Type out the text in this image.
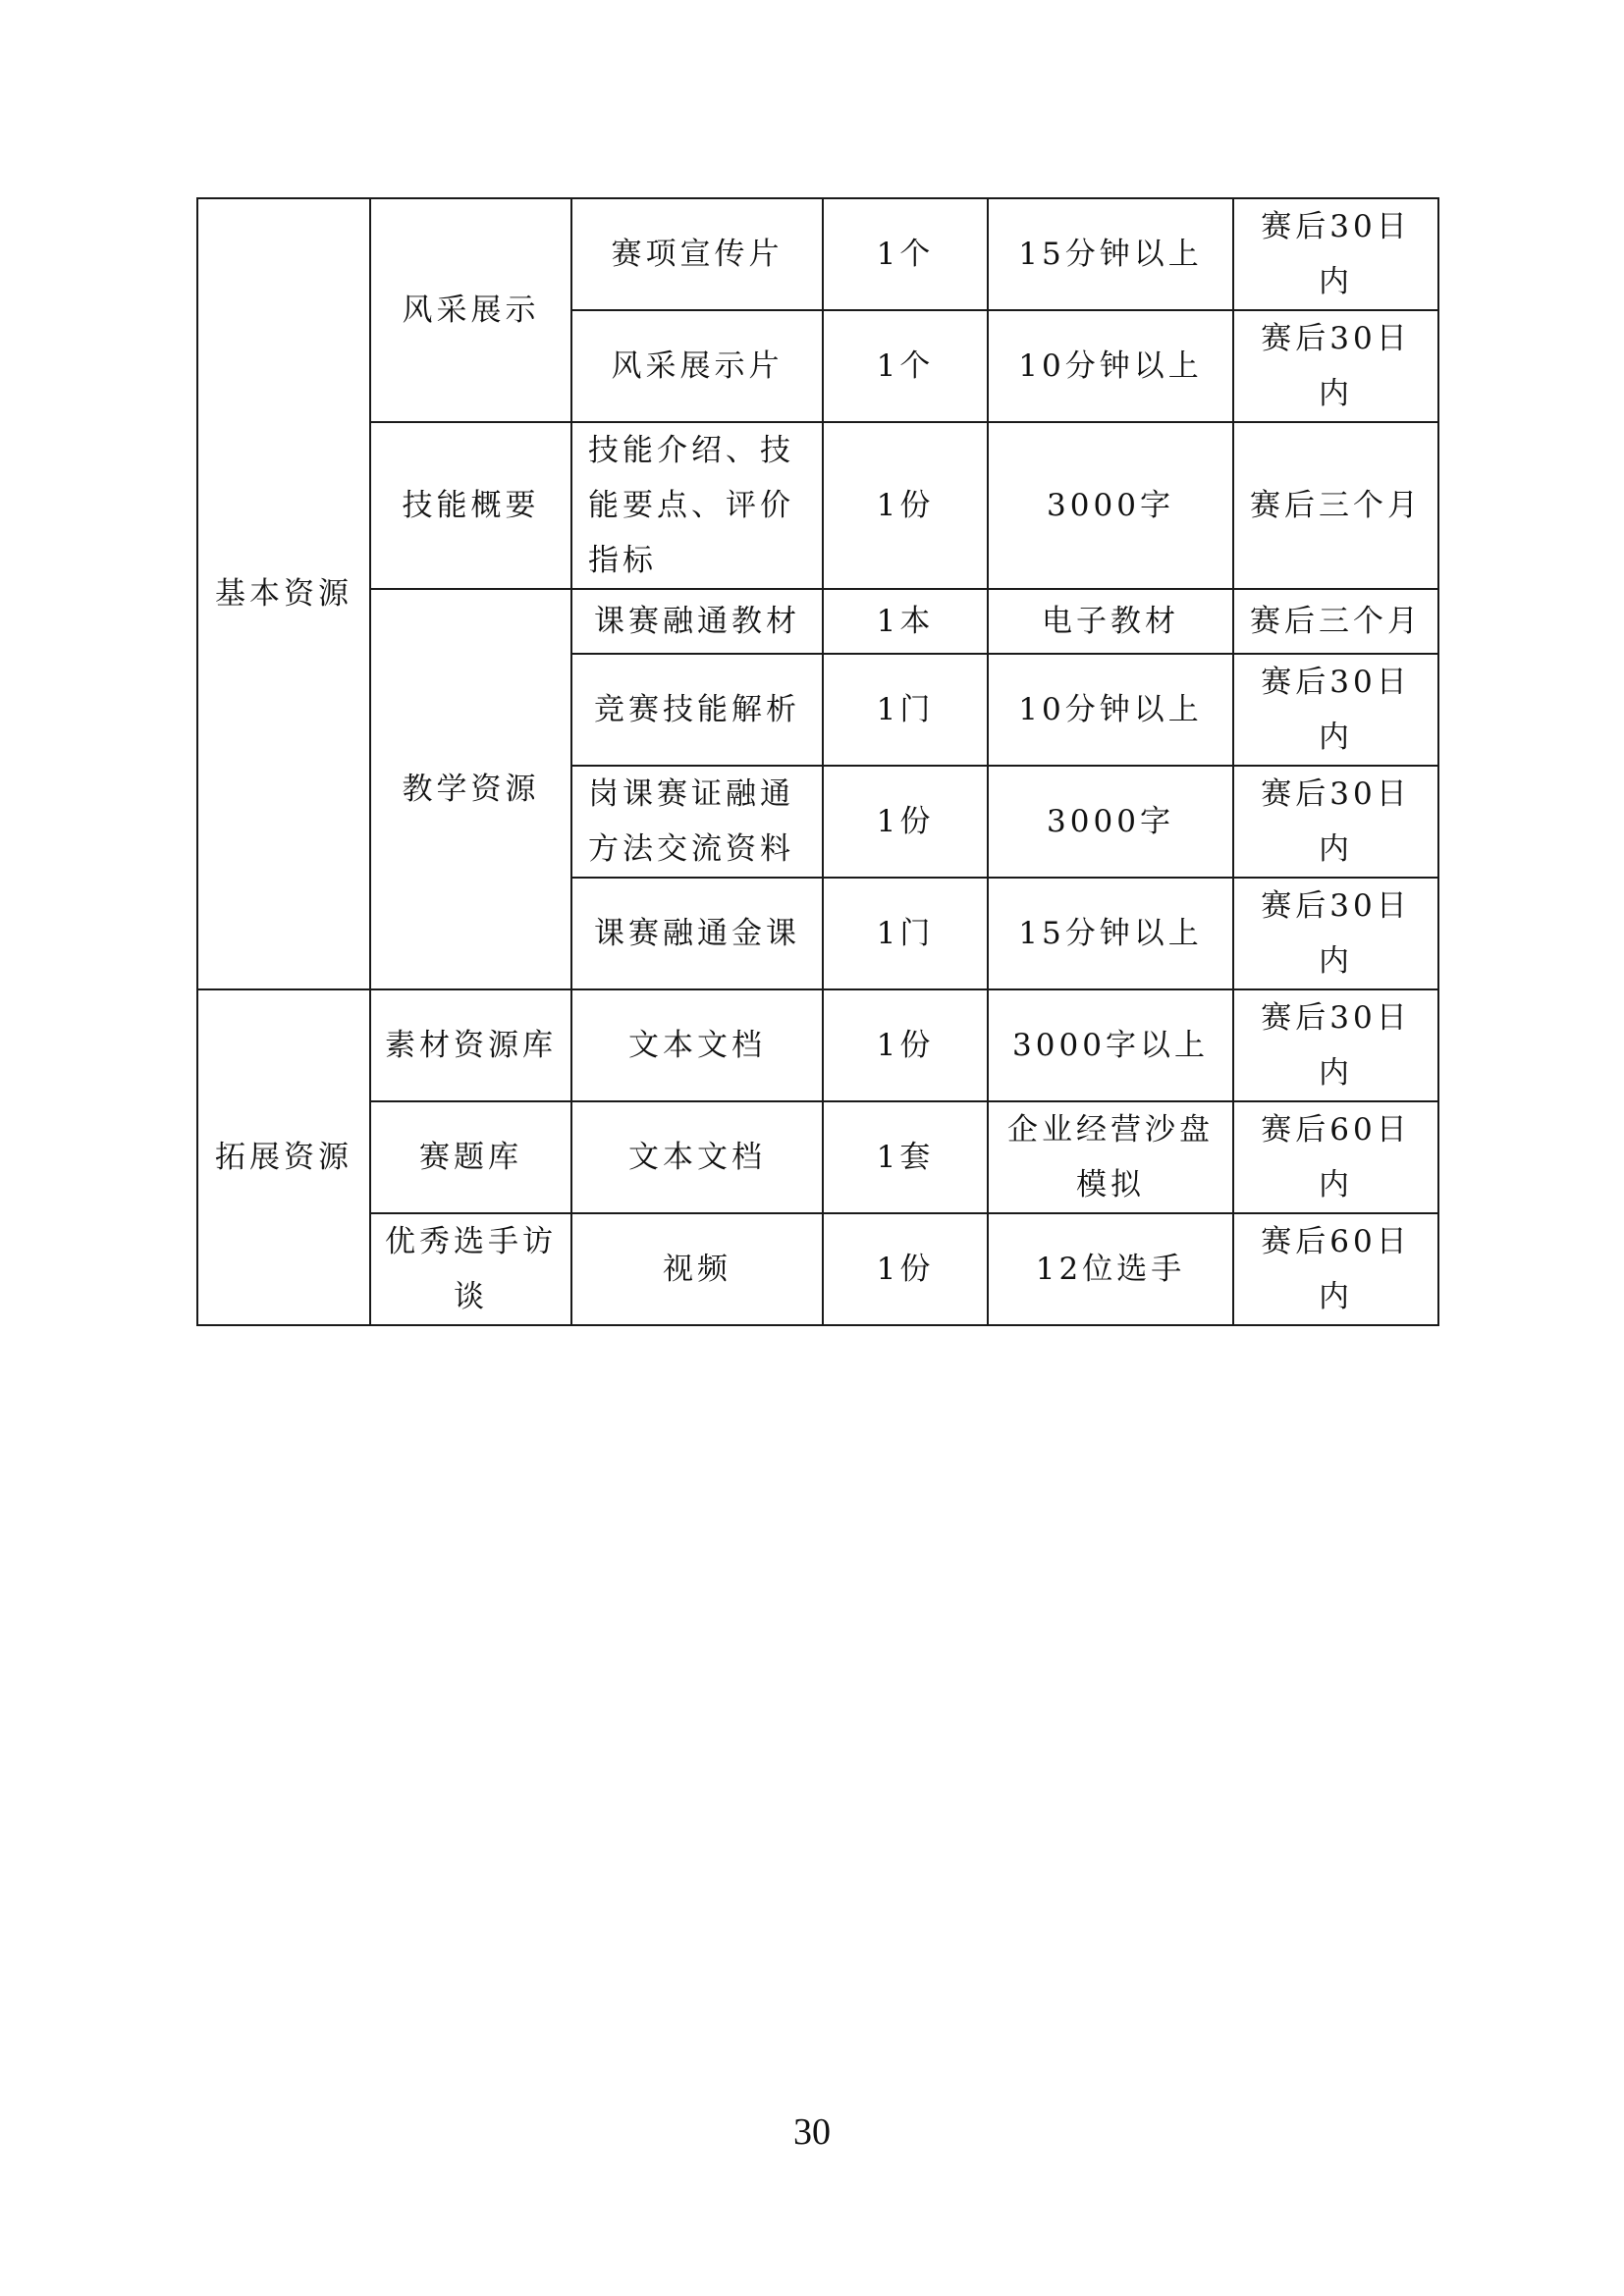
基本资源	风采展示	赛项宣传片	1个	15分钟以上	赛后30日内
		风采展示片	1个	10分钟以上	赛后30日内
	技能概要	技能介绍、技能要点、评价指标	1份	3000字	赛后三个月
	教学资源	课赛融通教材	1本	电子教材	赛后三个月
		竞赛技能解析	1门	10分钟以上	赛后30日内
		岗课赛证融通方法交流资料	1份	3000字	赛后30日内
		课赛融通金课	1门	15分钟以上	赛后30日内
拓展资源	素材资源库	文本文档	1份	3000字以上	赛后30日内
	赛题库	文本文档	1套	企业经营沙盘模拟	赛后60日内
	优秀选手访谈	视频	1份	12位选手	赛后60日内
30
